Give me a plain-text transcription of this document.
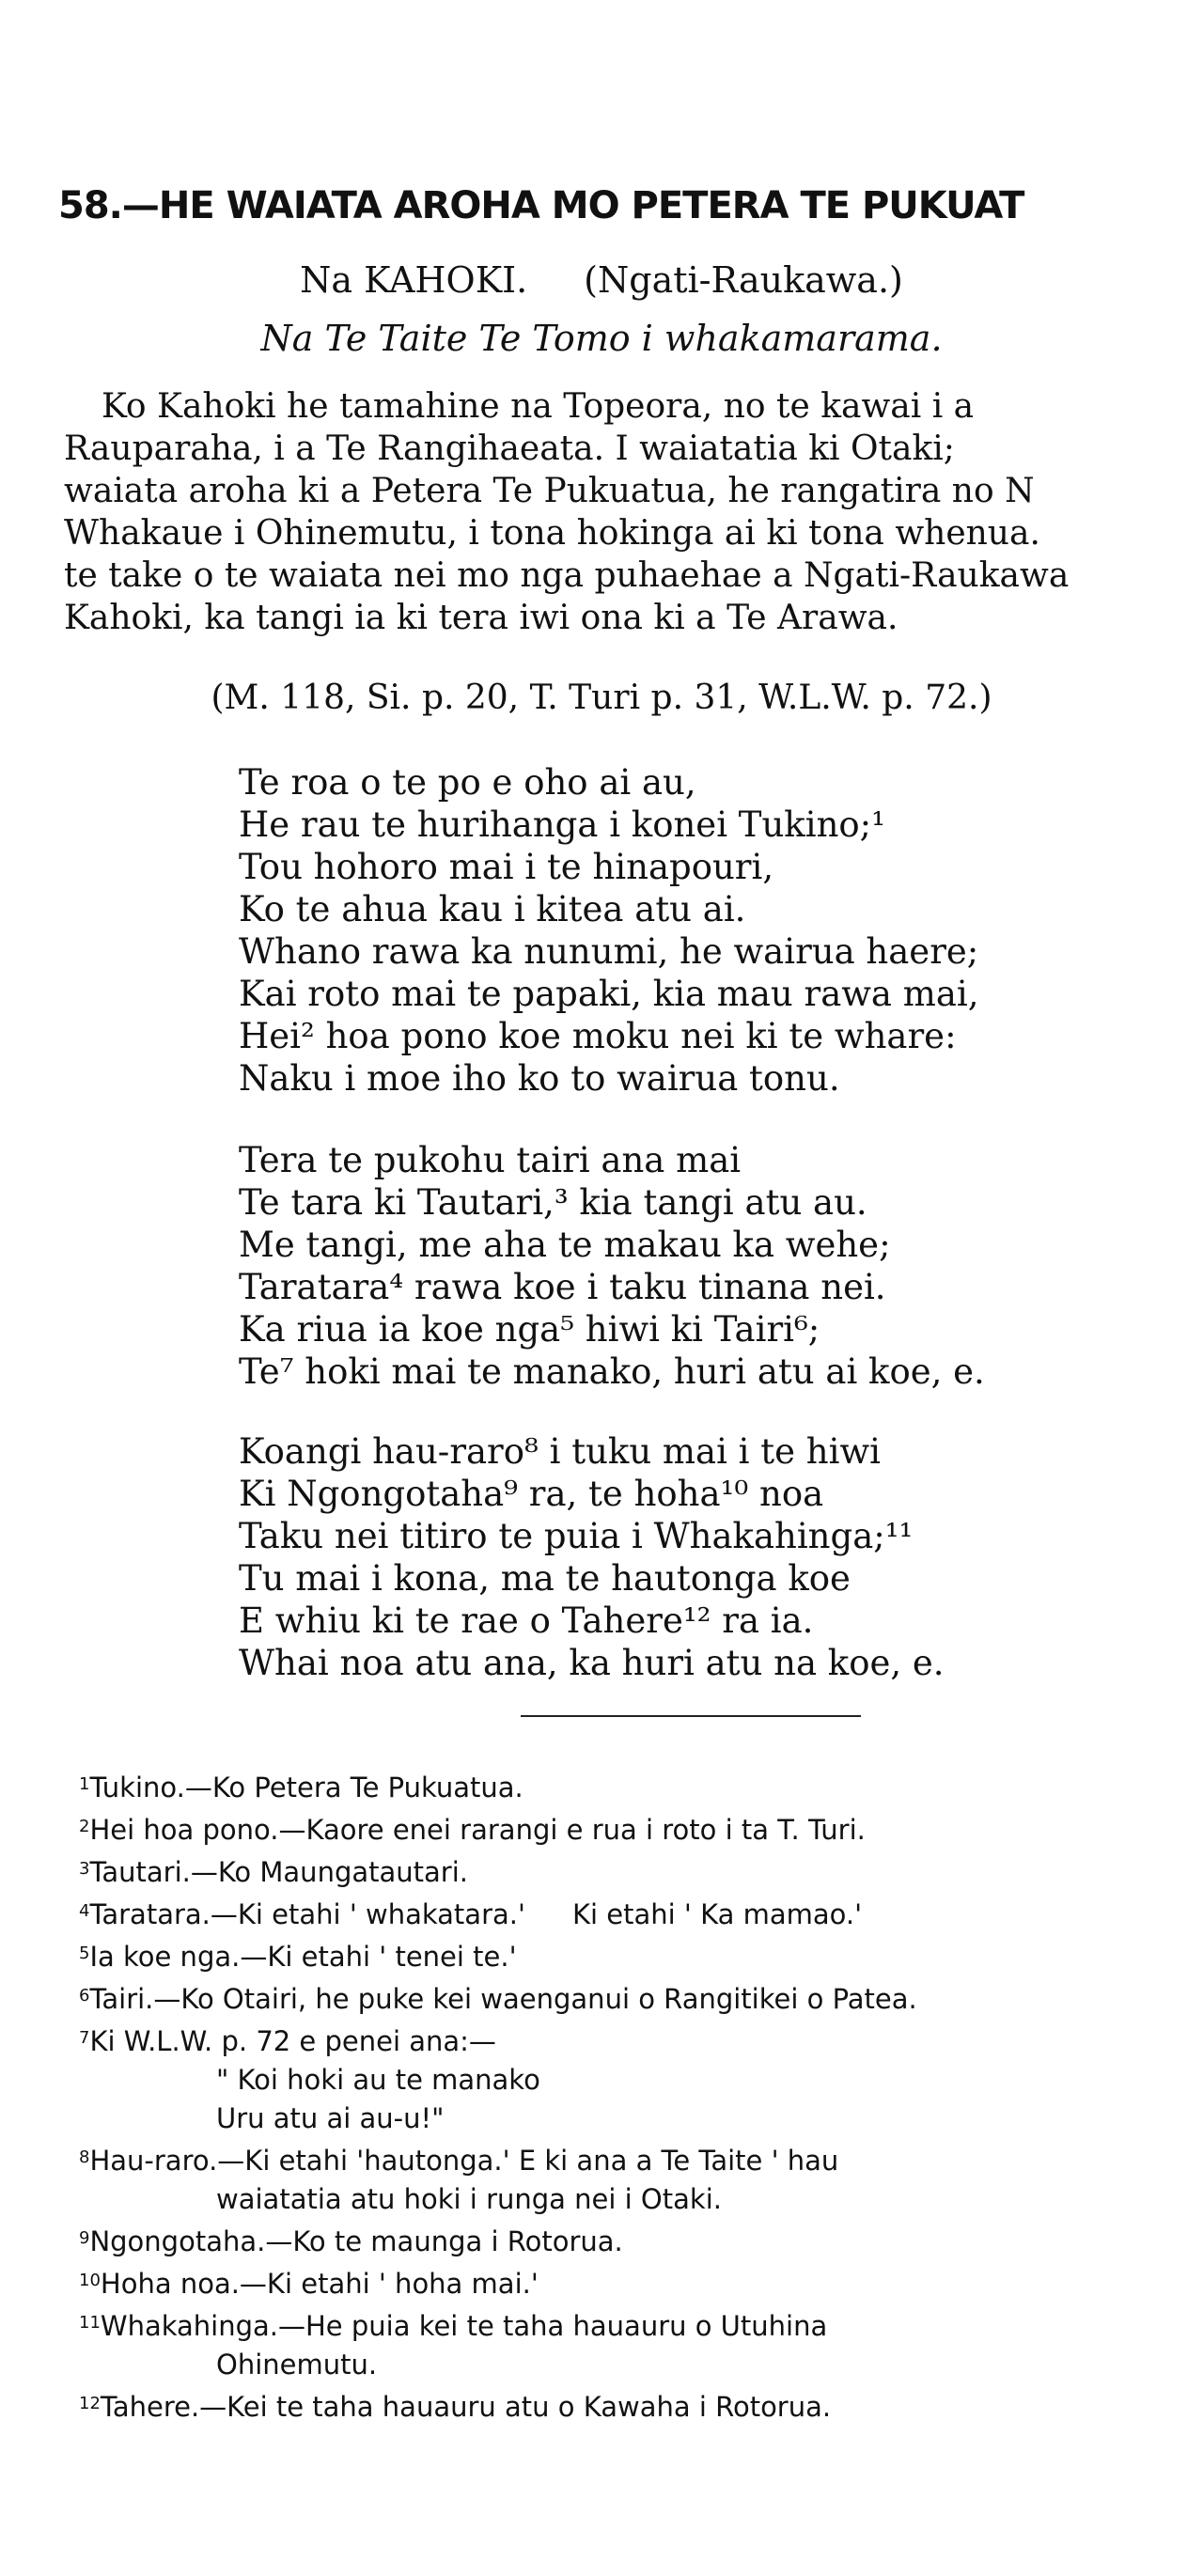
58.—HE WAIATA AROHA MO PETERA TE PUKUAT
Na KAHOKI. (Ngati-Raukawa.)
Na Te Taite Te Tomo i whakamarama.
Ko Kahoki he tamahine na Topeora, no te kawai i a
Rauparaha, i a Te Rangihaeata. I waiatatia ki Otaki;
waiata aroha ki a Petera Te Pukuatua, he rangatira no N
Whakaue i Ohinemutu, i tona hokinga ai ki tona whenua.
te take o te waiata nei mo nga puhaehae a Ngati-Raukawa
Kahoki, ka tangi ia ki tera iwi ona ki a Te Arawa.
(M. 118, Si. p. 20, T. Turi p. 31, W.L.W. p. 72.)
Te roa o te po e oho ai au,
He rau te hurihanga i konei Tukino;¹
Tou hohoro mai i te hinapouri,
Ko te ahua kau i kitea atu ai.
Whano rawa ka nunumi, he wairua haere;
Kai roto mai te papaki, kia mau rawa mai,
Hei² hoa pono koe moku nei ki te whare:
Naku i moe iho ko to wairua tonu.
Tera te pukohu tairi ana mai
Te tara ki Tautari,³ kia tangi atu au.
Me tangi, me aha te makau ka wehe;
Taratara⁴ rawa koe i taku tinana nei.
Ka riua ia koe nga⁵ hiwi ki Tairi⁶;
Te⁷ hoki mai te manako, huri atu ai koe, e.
Koangi hau-raro⁸ i tuku mai i te hiwi
Ki Ngongotaha⁹ ra, te hoha¹⁰ noa
Taku nei titiro te puia i Whakahinga;¹¹
Tu mai i kona, ma te hautonga koe
E whiu ki te rae o Tahere¹² ra ia.
Whai noa atu ana, ka huri atu na koe, e.
$^1$Tukino.—Ko Petera Te Pukuatua.
$^2$Hei hoa pono.—Kaore enei rarangi e rua i roto i ta T. Turi.
$^3$Tautari.—Ko Maungatautari.
$^4$Taratara.—Ki etahi ' whakatara.' Ki etahi ' Ka mamao.'
$^5$Ia koe nga.—Ki etahi ' tenei te.'
$^6$Tairi.—Ko Otairi, he puke kei waenganui o Rangitikei o Patea.
$^7$Ki W.L.W. p. 72 e penei ana:—
" Koi hoki au te manako
Uru atu ai au-u!"
$^8$Hau-raro.—Ki etahi 'hautonga.' E ki ana a Te Taite ' hau
waiatatia atu hoki i runga nei i Otaki.
$^9$Ngongotaha.—Ko te maunga i Rotorua.
$^{10}$Hoha noa.—Ki etahi ' hoha mai.'
$^{11}$Whakahinga.—He puia kei te taha hauauru o Utuhina
Ohinemutu.
$^{12}$Tahere.—Kei te taha hauauru atu o Kawaha i Rotorua.
